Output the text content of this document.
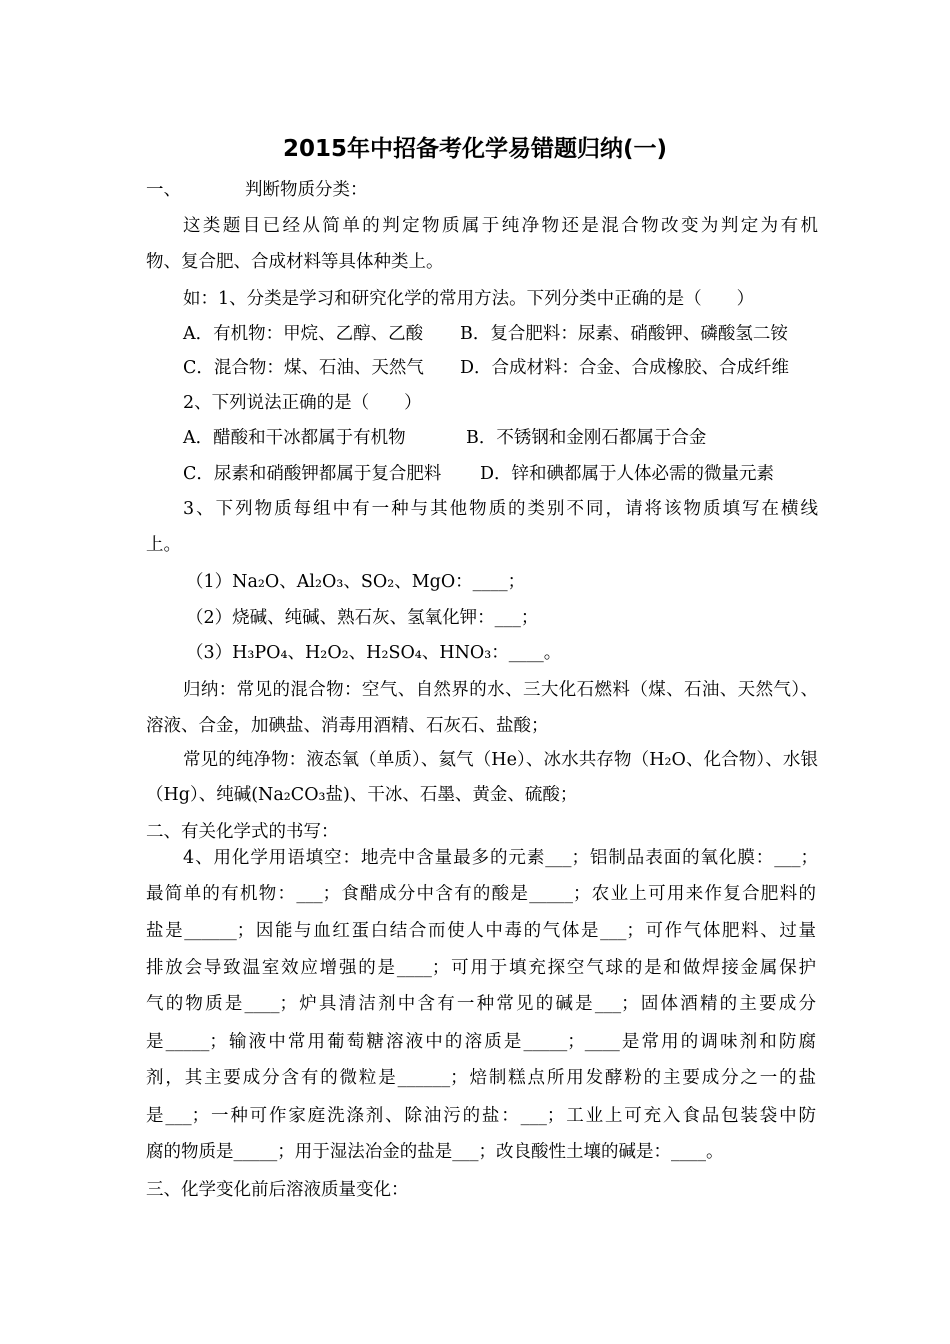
2015年中招备考化学易错题归纳(一)
一、	判断物质分类：
这类题目已经从简单的判定物质属于纯净物还是混合物改变为判定为有机
物、复合肥、合成材料等具体种类上。
如：1、分类是学习和研究化学的常用方法。下列分类中正确的是（　　）
A．有机物：甲烷、乙醇、乙酸 B．复合肥料：尿素、硝酸钾、磷酸氢二铵
C．混合物：煤、石油、天然气 D．合成材料：合金、合成橡胶、合成纤维
2、下列说法正确的是（　　）
A．醋酸和干冰都属于有机物	B．不锈钢和金刚石都属于合金
C．尿素和硝酸钾都属于复合肥料 D．锌和碘都属于人体必需的微量元素
3、下列物质每组中有一种与其他物质的类别不同，请将该物质填写在横线
上。
（1）Na₂O、Al₂O₃、SO₂、MgO：____；
（2）烧碱、纯碱、熟石灰、氢氧化钾：___；
（3）H₃PO₄、H₂O₂、H₂SO₄、HNO₃：____。
归纳：常见的混合物：空气、自然界的水、三大化石燃料（煤、石油、天然气）、
溶液、合金，加碘盐、消毒用酒精、石灰石、盐酸；
常见的纯净物：液态氧（单质）、氦气（He）、冰水共存物（H₂O、化合物）、水银
（Hg）、纯碱(Na₂CO₃盐)、干冰、石墨、黄金、硫酸；
二、有关化学式的书写：
4、用化学用语填空：地壳中含量最多的元素___；铝制品表面的氧化膜：___；
最简单的有机物：___；食醋成分中含有的酸是_____；农业上可用来作复合肥料的
盐是______；因能与血红蛋白结合而使人中毒的气体是___；可作气体肥料、过量
排放会导致温室效应增强的是____；可用于填充探空气球的是和做焊接金属保护
气的物质是____；炉具清洁剂中含有一种常见的碱是___；固体酒精的主要成分
是_____；输液中常用葡萄糖溶液中的溶质是_____；____是常用的调味剂和防腐
剂，其主要成分含有的微粒是______；焙制糕点所用发酵粉的主要成分之一的盐
是___；一种可作家庭洗涤剂、除油污的盐：___；工业上可充入食品包装袋中防
腐的物质是_____；用于湿法冶金的盐是___；改良酸性土壤的碱是：____。
三、化学变化前后溶液质量变化：
